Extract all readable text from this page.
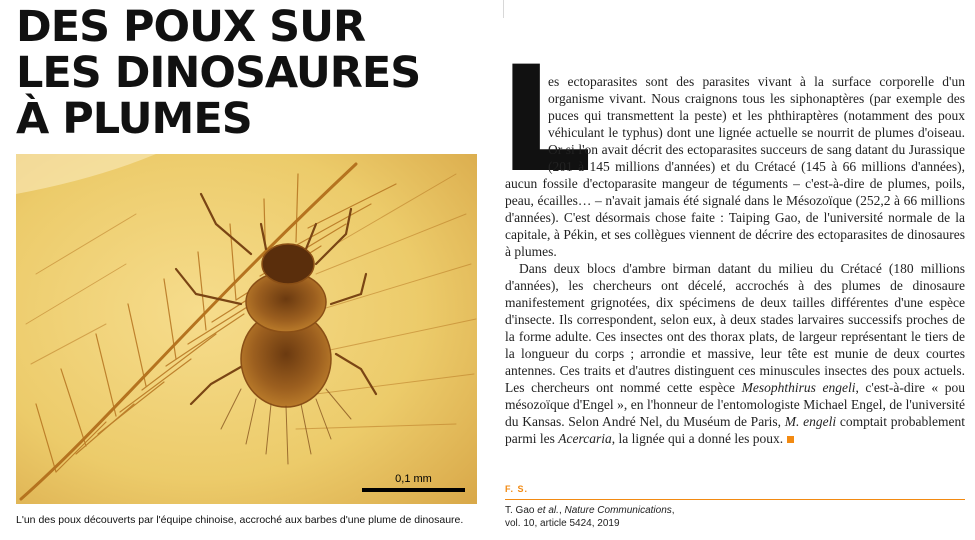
DES POUX SUR
LES DINOSAURES
À PLUMES
0,1 mm

L'un des poux découverts par l'équipe chinoise, accroché aux barbes d'une plume de dinosaure.

L

es ectoparasites sont des parasites vivant à la surface corporelle d'un organisme vivant. Nous craignons tous les siphonaptères (par exemple des puces qui transmettent la peste) et les phthiraptères (notamment des poux véhiculant le typhus) dont une lignée actuelle se nourrit de plumes d'oiseau. Or si l'on avait décrit des ectoparasites succeurs de sang datant du Jurassique (201 à 145 millions d'années) et du Crétacé (145 à 66 millions d'années), aucun fossile d'ectoparasite mangeur de téguments – c'est-à-dire de plumes, poils, peau, écailles… – n'avait jamais été signalé dans le Mésozoïque (252,2 à 66 millions d'années). C'est désormais chose faite : Taiping Gao, de l'université normale de la capitale, à Pékin, et ses collègues viennent de décrire des ectoparasites de dinosaures à plumes.

Dans deux blocs d'ambre birman datant du milieu du Crétacé (180 millions d'années), les chercheurs ont décelé, accrochés à des plumes de dinosaure manifestement grignotées, dix spécimens de deux tailles différentes d'une espèce d'insecte. Ils correspondent, selon eux, à deux stades larvaires successifs proches de la forme adulte. Ces insectes ont des thorax plats, de largeur représentant le tiers de la longueur du corps ; arrondie et massive, leur tête est munie de deux courtes antennes. Ces traits et d'autres distinguent ces minuscules insectes des poux actuels. Les chercheurs ont nommé cette espèce Mesophthirus engeli, c'est-à-dire « pou mésozoïque d'Engel », en l'honneur de l'entomologiste Michael Engel, de l'université du Kansas. Selon André Nel, du Muséum de Paris, M. engeli comptait probablement parmi les Acercaria, la lignée qui a donné les poux.

F. S.
T. Gao et al., Nature Communications,
vol. 10, article 5424, 2019
